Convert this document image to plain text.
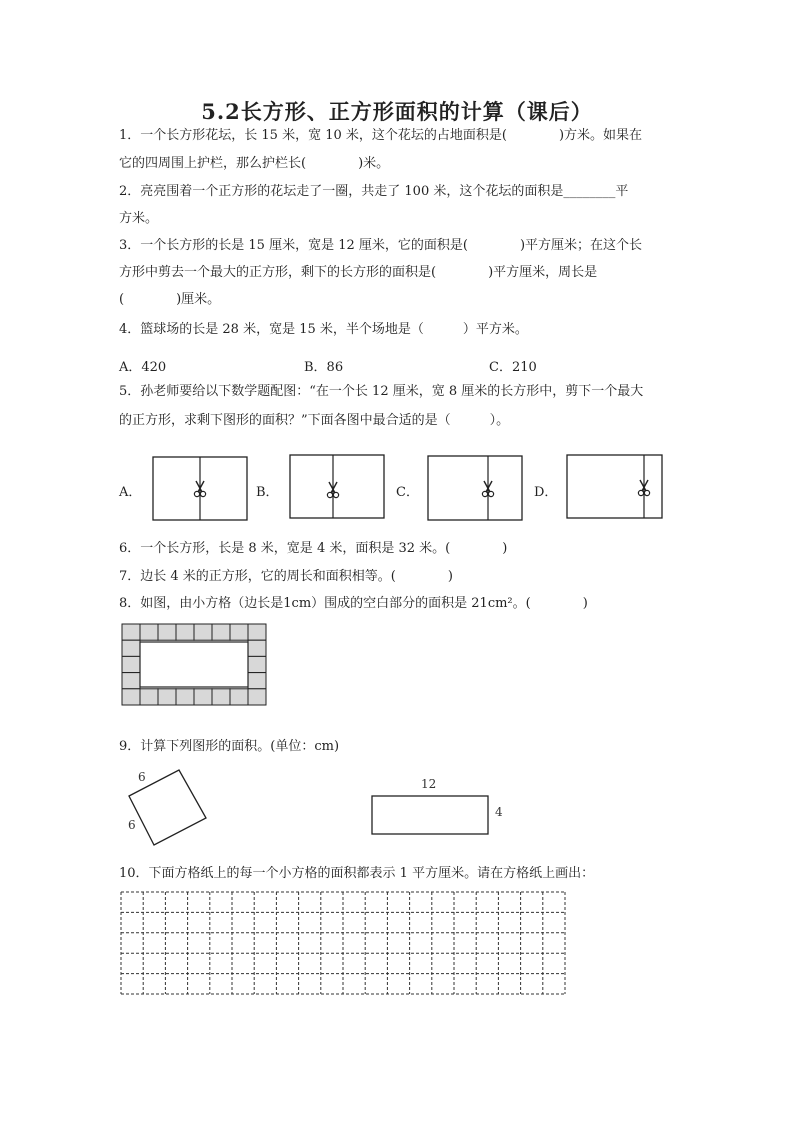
5.2长方形、正方形面积的计算（课后）
1．一个长方形花坛，长 15 米，宽 10 米，这个花坛的占地面积是(　　　　)方米。如果在
它的四周围上护栏，那么护栏长(　　　　)米。
2．亮亮围着一个正方形的花坛走了一圈，共走了 100 米，这个花坛的面积是________平
方米。
3．一个长方形的长是 15 厘米，宽是 12 厘米，它的面积是(　　　　)平方厘米；在这个长
方形中剪去一个最大的正方形，剩下的长方形的面积是(　　　　)平方厘米，周长是
(　　　　)厘米。
4．篮球场的长是 28 米，宽是 15 米，半个场地是（　　　）平方米。
A．420	B．86	C．210
5．孙老师要给以下数学题配图：“在一个长 12 厘米，宽 8 厘米的长方形中，剪下一个最大
的正方形，求剩下图形的面积？”下面各图中最合适的是（　　　）。
A．	B．	C．	D．
6．一个长方形，长是 8 米，宽是 4 米，面积是 32 米。(　　　　)
7．边长 4 米的正方形，它的周长和面积相等。(　　　　)
8．如图，由小方格（边长是1cm）围成的空白部分的面积是 21cm²。(　　　　)
9．计算下列图形的面积。(单位：cm)
6
6
12
4
10．下面方格纸上的每一个小方格的面积都表示 1 平方厘米。请在方格纸上画出：
